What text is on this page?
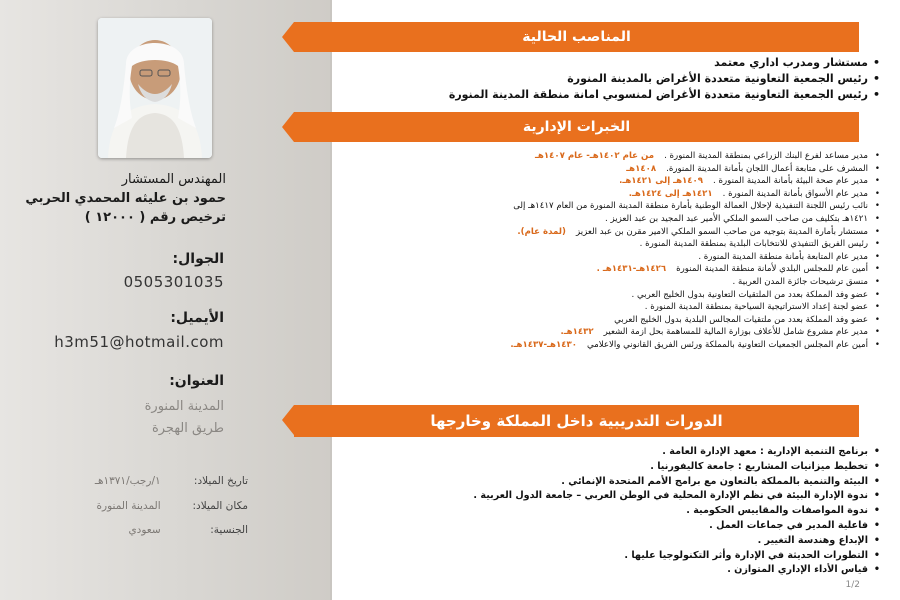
المهندس المستشار
حمود بن عليثه المحمدي الحربي
ترخيص رقم ( ١٢٠٠٠ )
الجوال:
0505301035
الأيميل:
h3m51@hotmail.com
العنوان:
المدينة المنورة
طريق الهجرة
تاريخ الميلاد: ١/رجب/١٣٧١هـ
مكان الميلاد: المدينة المنورة
الجنسية: سعودي
المناصب الحالية
• مستشار ومدرب اداري معتمد
• رئيس الجمعية التعاونية متعددة الأغراض بالمدينة المنورة
• رئيس الجمعية التعاونية متعددة الأغراض لمنسوبي امانة منطقة المدينة المنورة
الخبرات الإدارية
• مدير مساعد لفرع البنك الزراعي بمنطقة المدينة المنورة .من عام ١٤٠٢هـ- عام ١٤٠٧هـ
• المشرف على متابعة أعمال اللجان بأمانة المدينة المنورة.١٤٠٨هـ
• مدير عام صحة البيئة بأمانة المدينة المنورة .١٤٠٩هـ إلى ١٤٢١هـ.
• مدير عام الأسواق بأمانة المدينة المنورة .١٤٢١هـ إلى ١٤٢٤هـ.
• نائب رئيس اللجنة التنفيذية لإحلال العمالة الوطنية بأمارة منطقة المدينة المنورة من العام ١٤١٧هـ إلى
• ١٤٢١هـ بتكليف من صاحب السمو الملكي الأمير عبد المجيد بن عبد العزيز .
• مستشار بأمارة المدينة بتوجيه من صاحب السمو الملكي الامير مقرن بن عبد العزيز(لمدة عام).
• رئيس الفريق التنفيذي للانتخابات البلدية بمنطقة المدينة المنورة .
• مدير عام المتابعة بأمانة منطقة المدينة المنورة .
• أمين عام للمجلس البلدي لأمانة منطقة المدينة المنورة١٤٢٦هـ-١٤٣١هـ .
• منسق ترشيحات جائزة المدن العربية .
• عضو وفد المملكة بعدد من الملتقيات التعاونية بدول الخليج العربي .
• عضو لجنة إعداد الاستراتيجية السياحية بمنطقة المدينة المنورة .
• عضو وفد المملكة بعدد من ملتقيات المجالس البلدية بدول الخليج العربي
• مدير عام مشروع شامل للأعلاف بوزارة المالية للمساهمة بحل ازمة الشعير١٤٣٢هـ.
• أمين عام المجلس الجمعيات التعاونية بالمملكة ورئس الفريق القانوني والاعلامي١٤٣٠هـ-١٤٣٧هـ.
الدورات التدريبية داخل المملكة وخارجها
• برنامج التنمية الإدارية : معهد الإدارة العامة .
• تخطيط ميزانيات المشاريع : جامعة كاليفورنيا .
• البيئة والتنمية بالمملكة بالتعاون مع برامج الأمم المتحدة الإنمائي .
• ندوة الإدارة البيئة في نظم الإدارة المحلية في الوطن العربي – جامعة الدول العربية .
• ندوة المواصفات والمقاييس الحكومية .
• فاعلية المدير في جماعات العمل .
• الإبداع وهندسة التغيير .
• التطورات الحديثة في الإدارة وأثر التكنولوجيا عليها .
• قياس الأداء الإداري المتوازن .
1/2
